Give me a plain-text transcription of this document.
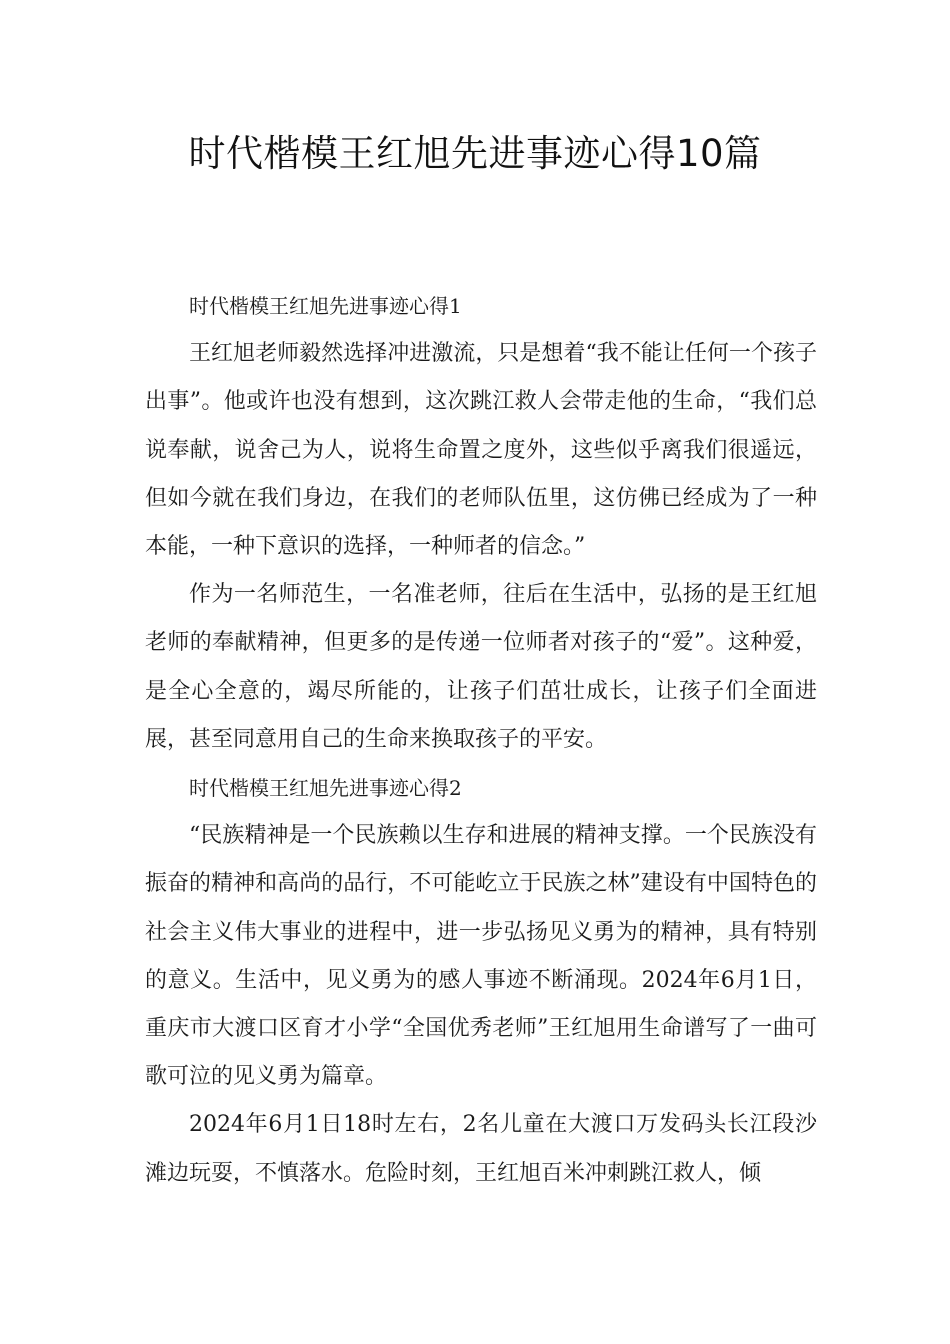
时代楷模王红旭先进事迹心得10篇

时代楷模王红旭先进事迹心得1

王红旭老师毅然选择冲进激流，只是想着“我不能让任何一个孩子出事”。他或许也没有想到，这次跳江救人会带走他的生命，“我们总说奉献，说舍己为人，说将生命置之度外，这些似乎离我们很遥远，但如今就在我们身边，在我们的老师队伍里，这仿佛已经成为了一种本能，一种下意识的选择，一种师者的信念。”

作为一名师范生，一名准老师，往后在生活中，弘扬的是王红旭老师的奉献精神，但更多的是传递一位师者对孩子的“爱”。这种爱，是全心全意的，竭尽所能的，让孩子们茁壮成长，让孩子们全面进展，甚至同意用自己的生命来换取孩子的平安。

时代楷模王红旭先进事迹心得2

“民族精神是一个民族赖以生存和进展的精神支撑。一个民族没有振奋的精神和高尚的品行，不可能屹立于民族之林”建设有中国特色的社会主义伟大事业的进程中，进一步弘扬见义勇为的精神，具有特别的意义。生活中，见义勇为的感人事迹不断涌现。2024年6月1日，重庆市大渡口区育才小学“全国优秀老师”王红旭用生命谱写了一曲可歌可泣的见义勇为篇章。

2024年6月1日18时左右，2名儿童在大渡口万发码头长江段沙滩边玩耍，不慎落水。危险时刻，王红旭百米冲刺跳江救人，倾
